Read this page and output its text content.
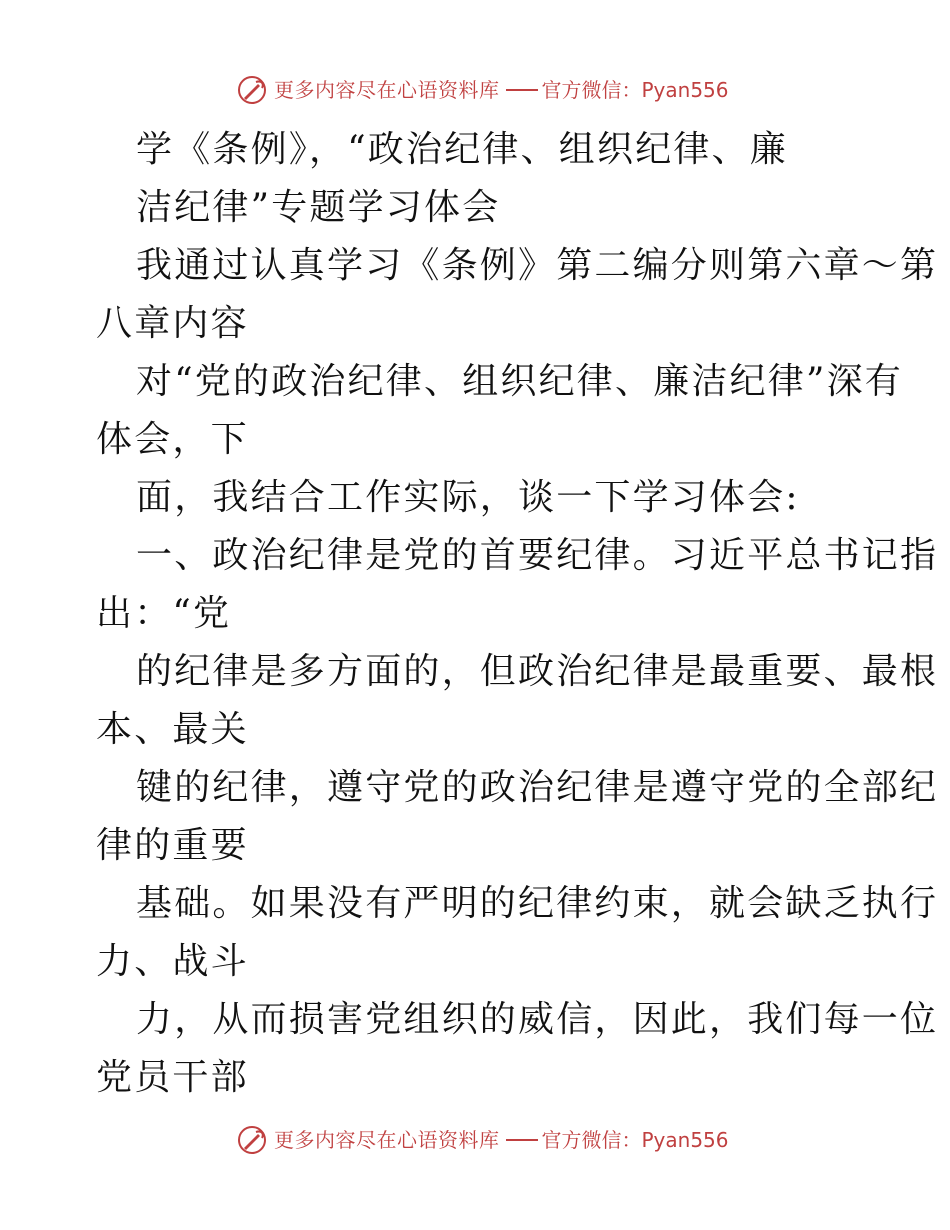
更多内容尽在心语资料库 官方微信：Pyan556
学《条例》，“政治纪律、组织纪律、廉
洁纪律”专题学习体会
我通过认真学习《条例》第二编分则第六章～第
八章内容
对“党的政治纪律、组织纪律、廉洁纪律”深有
体会，下
面，我结合工作实际，谈一下学习体会:
一、政治纪律是党的首要纪律。习近平总书记指
出：“党
的纪律是多方面的，但政治纪律是最重要、最根
本、最关
键的纪律，遵守党的政治纪律是遵守党的全部纪
律的重要
基础。如果没有严明的纪律约束，就会缺乏执行
力、战斗
力，从而损害党组织的威信，因此，我们每一位
党员干部
更多内容尽在心语资料库 官方微信：Pyan556
